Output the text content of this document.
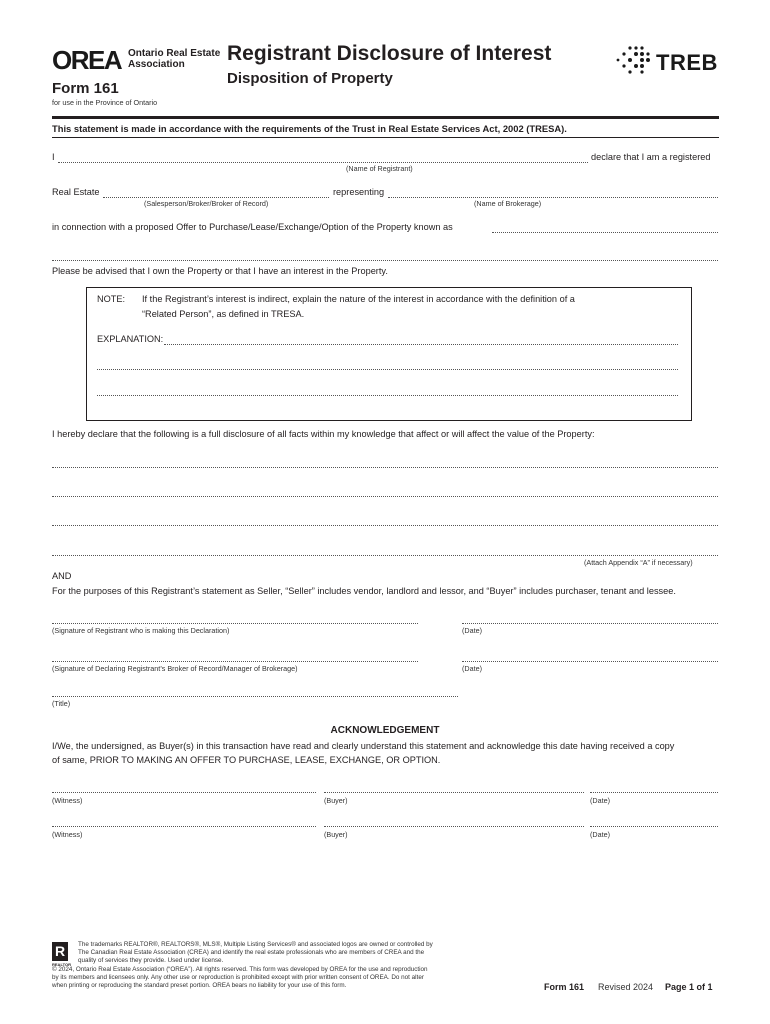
OREA Ontario Real Estate
Association
Form 161
for use in the Province of Ontario
Registrant Disclosure of Interest
Disposition of Property
TREB
This statement is made in accordance with the requirements of the Trust in Real Estate Services Act, 2002 (TRESA).
I	declare that I am a registered
(Name of Registrant)
Real Estate	representing
(Salesperson/Broker/Broker of Record)	(Name of Brokerage)
in connection with a proposed Offer to Purchase/Lease/Exchange/Option of the Property known as
Please be advised that I own the Property or that I have an interest in the Property.
NOTE: If the Registrant’s interest is indirect, explain the nature of the interest in accordance with the definition of a
“Related Person”, as defined in TRESA.
EXPLANATION:
I hereby declare that the following is a full disclosure of all facts within my knowledge that affect or will affect the value of the Property:
(Attach Appendix “A” if necessary)
AND
For the purposes of this Registrant’s statement as Seller, “Seller” includes vendor, landlord and lessor, and “Buyer” includes purchaser, tenant and lessee.
(Signature of Registrant who is making this Declaration)	(Date)
(Signature of Declaring Registrant’s Broker of Record/Manager of Brokerage)	(Date)
(Title)
ACKNOWLEDGEMENT
I/We, the undersigned, as Buyer(s) in this transaction have read and clearly understand this statement and acknowledge this date having received a copy
of same, PRIOR TO MAKING AN OFFER TO PURCHASE, LEASE, EXCHANGE, OR OPTION.
(Witness)	(Buyer)	(Date)
(Witness)	(Buyer)	(Date)
R
REALTOR
The trademarks REALTOR®, REALTORS®, MLS®, Multiple Listing Services® and associated logos are owned or controlled by
The Canadian Real Estate Association (CREA) and identify the real estate professionals who are members of CREA and the
quality of services they provide. Used under license.
© 2024, Ontario Real Estate Association (“OREA”). All rights reserved. This form was developed by OREA for the use and reproduction
by its members and licensees only. Any other use or reproduction is prohibited except with prior written consent of OREA. Do not alter
when printing or reproducing the standard preset portion. OREA bears no liability for your use of this form.	Form 161 Revised 2024 Page 1 of 1
